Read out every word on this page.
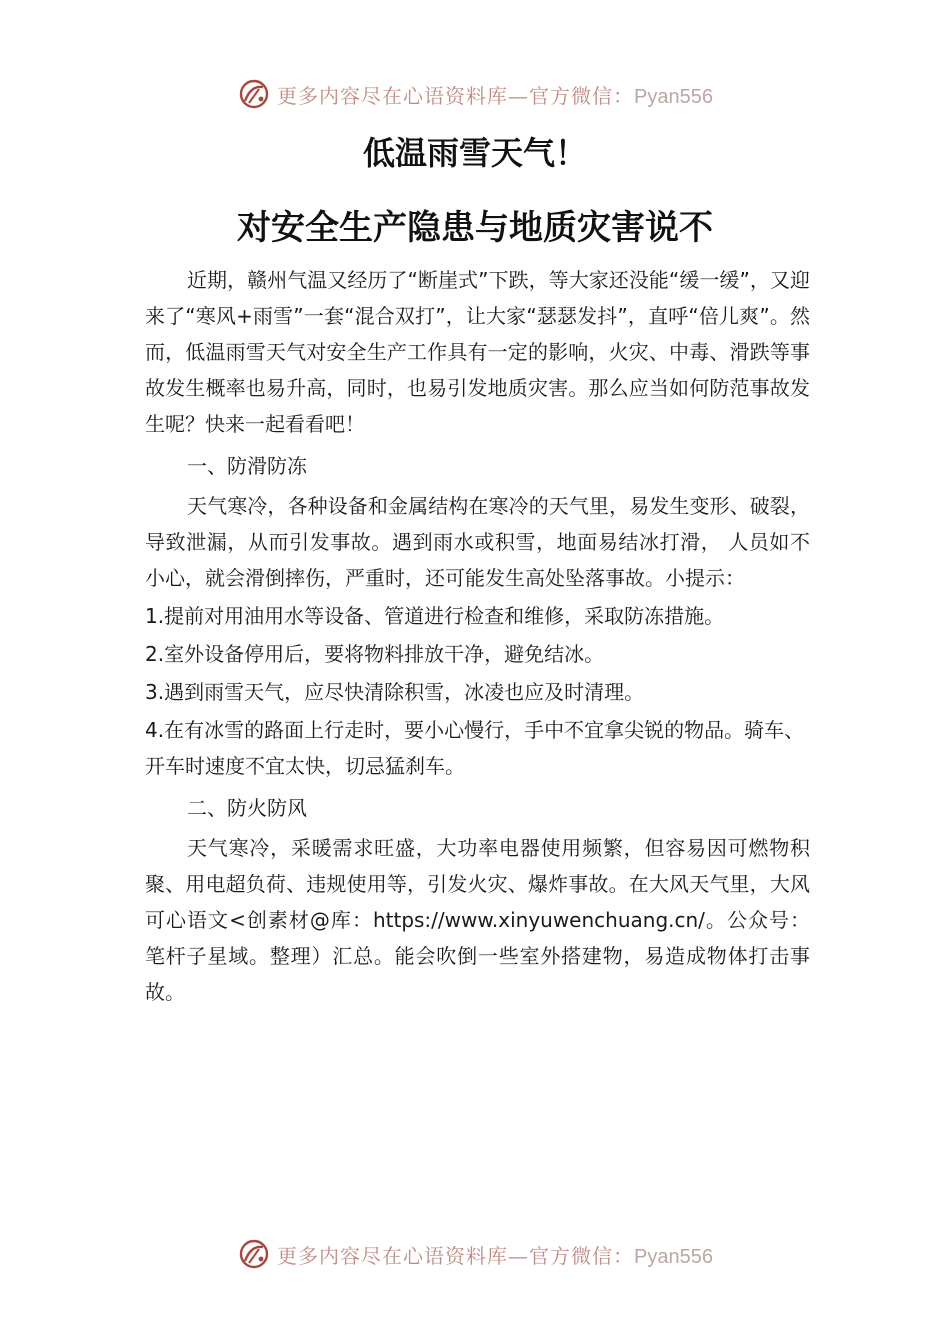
更多内容尽在心语资料库—官方微信：Pyan556
低温雨雪天气！
对安全生产隐患与地质灾害说不

近期，赣州气温又经历了“断崖式”下跌，等大家还没能“缓一缓”，又迎来了“寒风+雨雪”一套“混合双打”，让大家“瑟瑟发抖”，直呼“倍儿爽”。然而，低温雨雪天气对安全生产工作具有一定的影响，火灾、中毒、滑跌等事故发生概率也易升高，同时，也易引发地质灾害。那么应当如何防范事故发生呢？快来一起看看吧！

一、防滑防冻

天气寒冷，各种设备和金属结构在寒冷的天气里，易发生变形、破裂，导致泄漏，从而引发事故。遇到雨水或积雪，地面易结冰打滑， 人员如不小心，就会滑倒摔伤，严重时，还可能发生高处坠落事故。小提示：

1.提前对用油用水等设备、管道进行检查和维修，采取防冻措施。

2.室外设备停用后，要将物料排放干净，避免结冰。

3.遇到雨雪天气，应尽快清除积雪，冰凌也应及时清理。

4.在有冰雪的路面上行走时，要小心慢行，手中不宜拿尖锐的物品。骑车、开车时速度不宜太快，切忌猛刹车。

二、防火防风

天气寒冷，采暖需求旺盛，大功率电器使用频繁，但容易因可燃物积聚、用电超负荷、违规使用等，引发火灾、爆炸事故。在大风天气里，大风可心语文<创素材@库：https://www.xinyuwenchuang.cn/。公众号：笔杆子星域。整理）汇总。能会吹倒一些室外搭建物，易造成物体打击事故。

更多内容尽在心语资料库—官方微信：Pyan556
